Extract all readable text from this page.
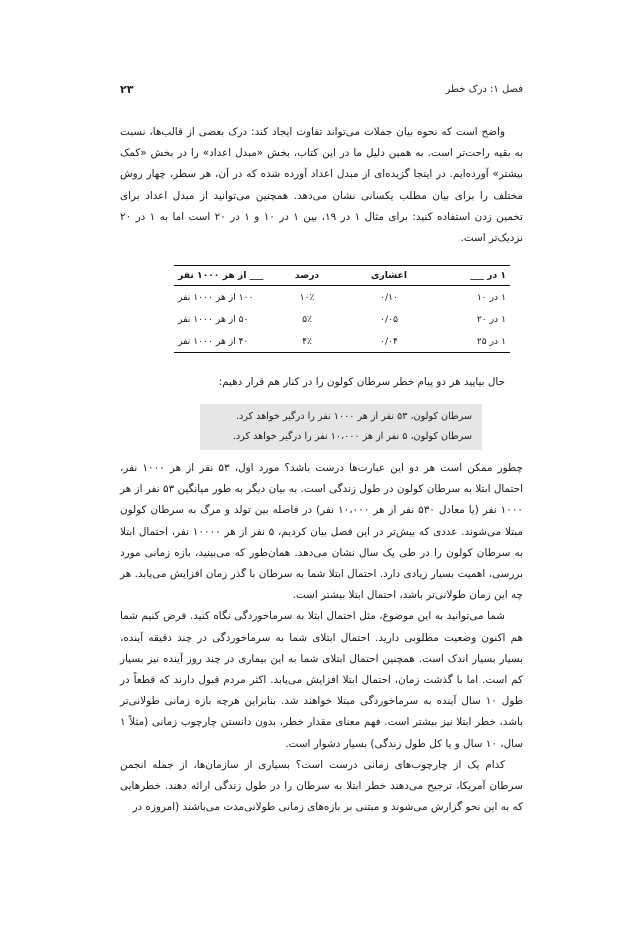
فصل ۱: درک خطر
۲۳

واضح است که نحوه بیان جملات می‌تواند تفاوت ایجاد کند: درک بعضی از قالب‌ها، نسبت به بقیه راحت‌تر است. به همین دلیل ما در این کتاب، بخش «مبدل اعداد» را در بخش «کمک بیشتر» آورده‌ایم. در اینجا گزیده‌ای از مبدل اعداد آورده شده که در آن، هر سطر، چهار روش مختلف را برای بیان مطلب یکسانی نشان می‌دهد. همچنین می‌توانید از مبدل اعداد برای تخمین زدن استفاده کنید: برای مثال ۱ در ۱۹، بین ۱ در ۱۰ و ۱ در ۲۰ است اما به ۱ در ۲۰ نزدیک‌تر است.

۱ در ___	اعشاری	درصد	___ از هر ۱۰۰۰ نفر
۱ در ۱۰	۰/۱۰	۱۰٪	۱۰۰ از هر ۱۰۰۰ نفر
۱ در ۲۰	۰/۰۵	۵٪	۵۰ از هر ۱۰۰۰ نفر
۱ در ۲۵	۰/۰۴	۴٪	۴۰ از هر ۱۰۰۰ نفر

حال بیایید هر دو پیام خطر سرطان کولون را در کنار هم قرار دهیم:

سرطان کولون، ۵۳ نفر از هر ۱۰۰۰ نفر را درگیر خواهد کرد.
سرطان کولون، ۵ نفر از هر ۱۰،۰۰۰ نفر را درگیر خواهد کرد.

چطور ممکن است هر دو این عبارت‌ها درست باشد؟ مورد اول، ۵۳ نفر از هر ۱۰۰۰ نفر، احتمال ابتلا به سرطان کولون در طول زندگی است. به بیان دیگر به طور میانگین ۵۳ نفر از هر ۱۰۰۰ نفر (یا معادل ۵۳۰ نفر از هر ۱۰،۰۰۰ نفر) در فاصله بین تولد و مرگ به سرطان کولون مبتلا می‌شوند. عددی که بیش‌تر در این فصل بیان کردیم، ۵ نفر از هر ۱۰۰۰۰ نفر، احتمال ابتلا به سرطان کولون را در طی یک سال نشان می‌دهد. همان‌طور که می‌بینید، بازه زمانی مورد بررسی، اهمیت بسیار زیادی دارد. احتمال ابتلا شما به سرطان با گذر زمان افزایش می‌یابد. هر چه این زمان طولانی‌تر باشد، احتمال ابتلا بیشتر است.

شما می‌توانید به این موضوع، مثل احتمال ابتلا به سرماخوردگی نگاه کنید. فرض کنیم شما هم اکنون وضعیت مطلوبی دارید. احتمال ابتلای شما به سرماخوردگی در چند دقیقه آینده، بسیار بسیار اندک است. همچنین احتمال ابتلای شما به این بیماری در چند روز آینده نیز بسیار کم است. اما با گذشت زمان، احتمال ابتلا افزایش می‌یابد. اکثر مردم قبول دارند که قطعاً در طول ۱۰ سال آینده به سرماخوردگی مبتلا خواهند شد. بنابراین هرچه بازه زمانی طولانی‌تر باشد، خطر ابتلا نیز بیشتر است. فهم معنای مقدار خطر، بدون دانستن چارچوب زمانی (مثلاً ۱ سال، ۱۰ سال و یا کل طول زندگی) بسیار دشوار است.

کدام یک از چارچوب‌های زمانی درست است؟ بسیاری از سازمان‌ها، از جمله انجمن سرطان آمریکا، ترجیح می‌دهند خطر ابتلا به سرطان را در طول زندگی ارائه دهند. خطرهایی که به این نحو گزارش می‌شوند و مبتنی بر بازه‌های زمانی طولانی‌مدت می‌باشند (امروزه در
